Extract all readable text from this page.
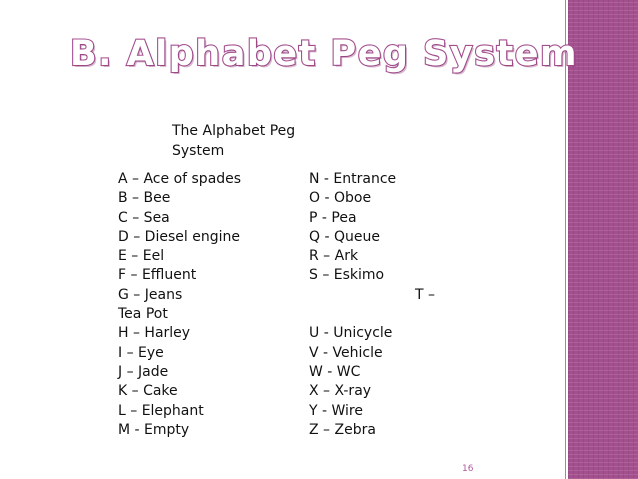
B. Alphabet Peg System
The Alphabet Peg System
A – Ace of spades
B – Bee
C – Sea
D – Diesel engine
E – Eel
F – Effluent
G – Jeans
Tea Pot
H – Harley
I – Eye
J – Jade
K – Cake
L – Elephant
M - Empty
N - Entrance
O - Oboe
P - Pea
Q - Queue
R – Ark
S – Eskimo
T –
U - Unicycle
V - Vehicle
W - WC
X – X-ray
Y - Wire
Z – Zebra
16
